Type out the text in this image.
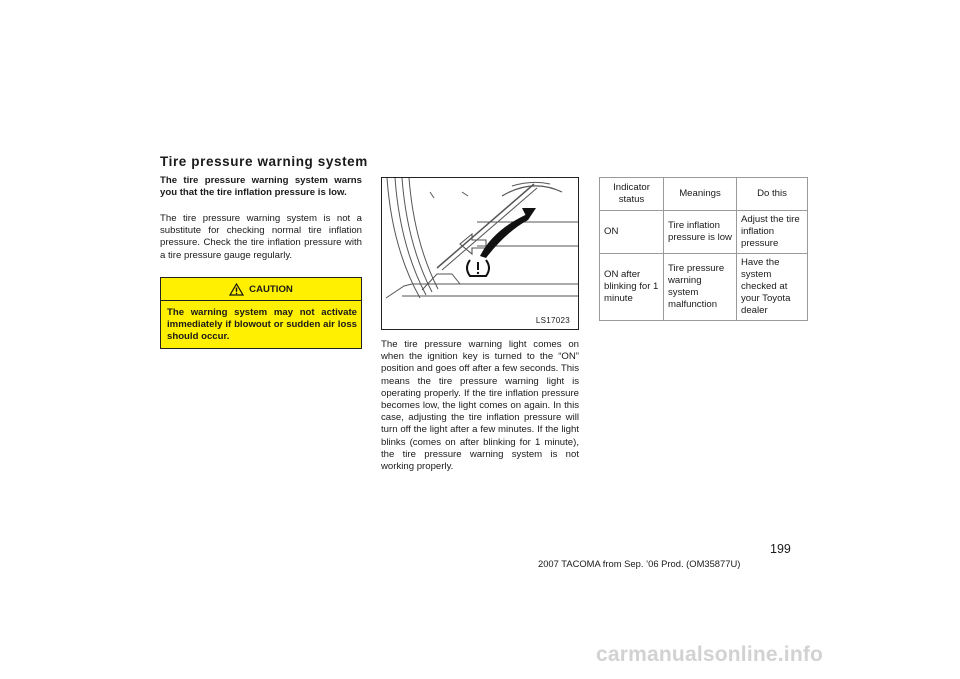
Tire pressure warning system
The tire pressure warning system warns you that the tire inflation pressure is low.
The tire pressure warning system is not a substitute for checking normal tire inflation pressure. Check the tire inflation pressure with a tire pressure gauge regularly.
CAUTION
The warning system may not activate immediately if blowout or sudden air loss should occur.
LS17023
The tire pressure warning light comes on when the ignition key is turned to the “ON” position and goes off after a few seconds. This means the tire pressure warning light is operating properly. If the tire inflation pressure becomes low, the light comes on again. In this case, adjusting the tire inflation pressure will turn off the light after a few minutes. If the light blinks (comes on after blinking for 1 minute), the tire pressure warning system is not working properly.
Indicator status	Meanings	Do this
ON	Tire inflation pressure is low	Adjust the tire inflation pressure
ON after blinking for 1 minute	Tire pressure warning system malfunction	Have the system checked at your Toyota dealer
199
2007 TACOMA from Sep. ’06 Prod. (OM35877U)
carmanualsonline.info
